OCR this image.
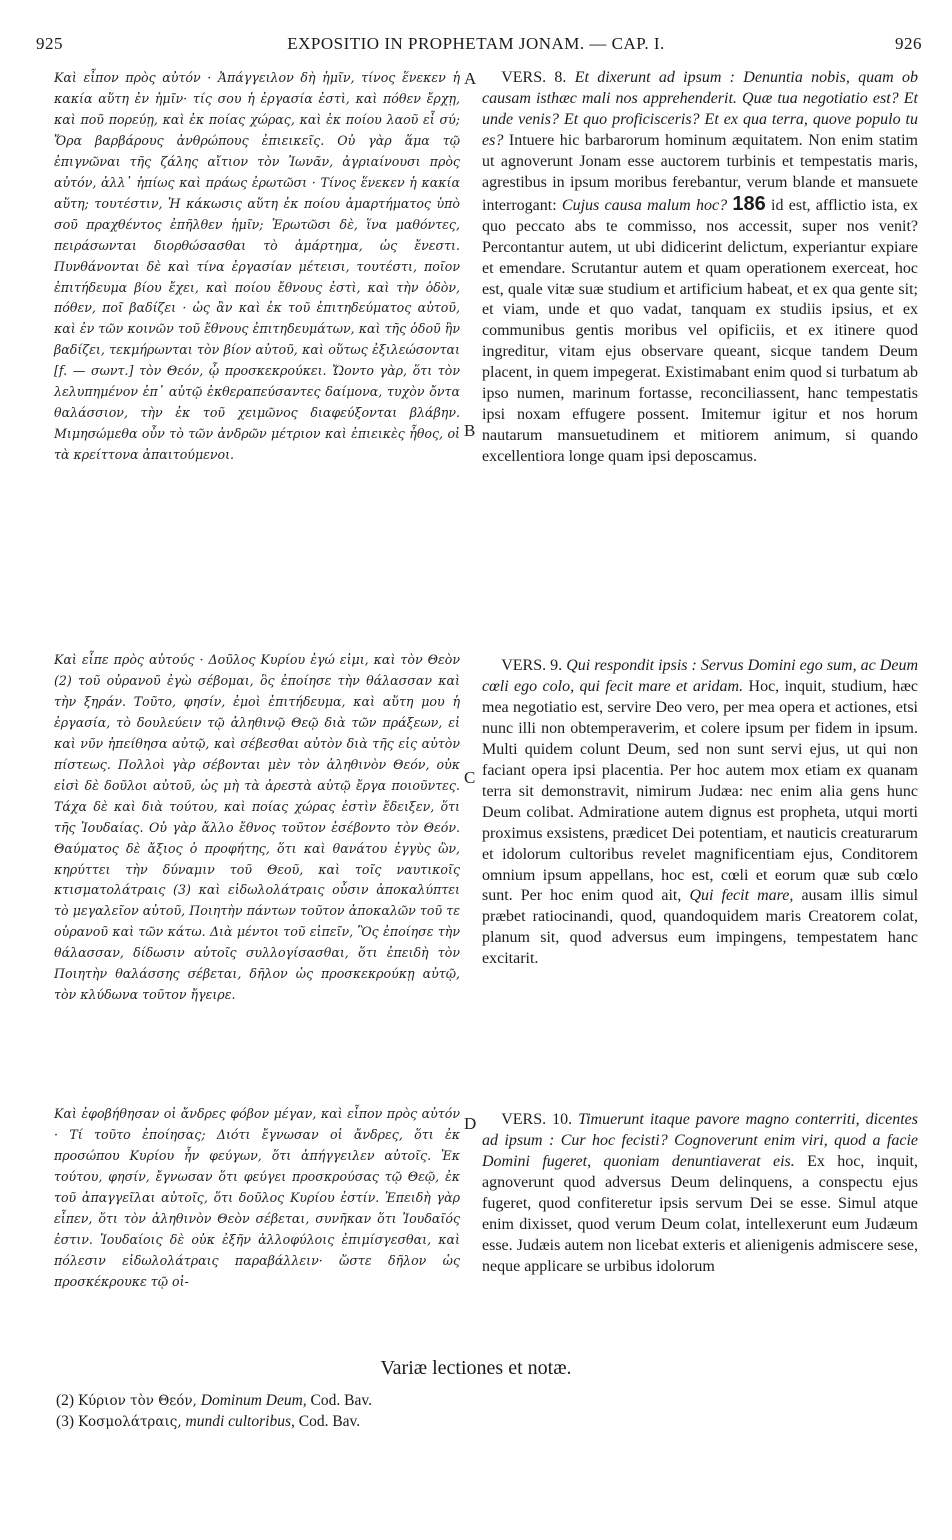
925	EXPOSITIO IN PROPHETAM JONAM. — CAP. I.	926

Καὶ εἶπον πρὸς αὐτόν · Ἀπάγγειλον δὴ ἡμῖν, τίνος ἕνεκεν ἡ κακία αὕτη ἐν ἡμῖν· τίς σου ἡ ἐργασία ἐστὶ, καὶ πόθεν ἔρχῃ, καὶ ποῦ πορεύῃ, καὶ ἐκ ποίας χώρας, καὶ ἐκ ποίου λαοῦ εἶ σύ; Ὅρα βαρβάρους ἀνθρώπους ἐπιεικεῖς. Οὐ γὰρ ἅμα τῷ ἐπιγνῶναι τῆς ζάλης αἴτιον τὸν Ἰωνᾶν, ἀγριαίνουσι πρὸς αὐτόν, ἀλλ᾽ ἠπίως καὶ πράως ἐρωτῶσι · Τίνος ἕνεκεν ἡ κακία αὕτη; τουτέστιν, Ἡ κάκωσις αὕτη ἐκ ποίου ἁμαρτήματος ὑπὸ σοῦ πραχθέντος ἐπῆλθεν ἡμῖν; Ἐρωτῶσι δὲ, ἵνα μαθόντες, πειράσωνται διορθώσασθαι τὸ ἁμάρτημα, ὡς ἔνεστι. Πυνθάνονται δὲ καὶ τίνα ἐργασίαν μέτεισι, τουτέστι, ποῖον ἐπιτήδευμα βίου ἔχει, καὶ ποίου ἔθνους ἐστὶ, καὶ τὴν ὁδὸν, πόθεν, ποῖ βαδίζει · ὡς ἂν καὶ ἐκ τοῦ ἐπιτηδεύματος αὐτοῦ, καὶ ἐν τῶν κοινῶν τοῦ ἔθνους ἐπιτηδευμάτων, καὶ τῆς ὁδοῦ ἣν βαδίζει, τεκμήρωνται τὸν βίον αὐτοῦ, καὶ οὕτως ἐξιλεώσονται [f. — σωντ.] τὸν Θεόν, ᾧ προσκεκρούκει. Ὤοντο γὰρ, ὅτι τὸν λελυπημένον ἐπ᾽ αὐτῷ ἐκθεραπεύσαντες δαίμονα, τυχὸν ὄντα θαλάσσιον, τὴν ἐκ τοῦ χειμῶνος διαφεύξονται βλάβην. Μιμησώμεθα οὖν τὸ τῶν ἀνδρῶν μέτριον καὶ ἐπιεικὲς ἦθος, οἱ τὰ κρείττονα ἀπαιτούμενοι.

Καὶ εἶπε πρὸς αὐτούς · Δοῦλος Κυρίου ἐγώ εἰμι, καὶ τὸν Θεὸν (2) τοῦ οὐρανοῦ ἐγὼ σέβομαι, ὃς ἐποίησε τὴν θάλασσαν καὶ τὴν ξηράν. Τοῦτο, φησίν, ἐμοὶ ἐπιτήδευμα, καὶ αὕτη μου ἡ ἐργασία, τὸ δουλεύειν τῷ ἀληθινῷ Θεῷ διὰ τῶν πράξεων, εἰ καὶ νῦν ἠπείθησα αὐτῷ, καὶ σέβεσθαι αὐτὸν διὰ τῆς εἰς αὐτὸν πίστεως. Πολλοὶ γὰρ σέβονται μὲν τὸν ἀληθινὸν Θεόν, οὐκ εἰσὶ δὲ δοῦλοι αὐτοῦ, ὡς μὴ τὰ ἀρεστὰ αὐτῷ ἔργα ποιοῦντες. Τάχα δὲ καὶ διὰ τούτου, καὶ ποίας χώρας ἐστὶν ἔδειξεν, ὅτι τῆς Ἰουδαίας. Οὐ γὰρ ἄλλο ἔθνος τοῦτον ἐσέβοντο τὸν Θεόν. Θαύματος δὲ ἄξιος ὁ προφήτης, ὅτι καὶ θανάτου ἐγγὺς ὢν, κηρύττει τὴν δύναμιν τοῦ Θεοῦ, καὶ τοῖς ναυτικοῖς κτισματολάτραις (3) καὶ εἰδωλολάτραις οὖσιν ἀποκαλύπτει τὸ μεγαλεῖον αὐτοῦ, Ποιητὴν πάντων τοῦτον ἀποκαλῶν τοῦ τε οὐρανοῦ καὶ τῶν κάτω. Διὰ μέντοι τοῦ εἰπεῖν, Ὃς ἐποίησε τὴν θάλασσαν, δίδωσιν αὐτοῖς συλλογίσασθαι, ὅτι ἐπειδὴ τὸν Ποιητὴν θαλάσσης σέβεται, δῆλον ὡς προσκεκρούκῃ αὐτῷ, τὸν κλύδωνα τοῦτον ἤγειρε.

Καὶ ἐφοβήθησαν οἱ ἄνδρες φόβον μέγαν, καὶ εἶπον πρὸς αὐτόν · Τί τοῦτο ἐποίησας; Διότι ἔγνωσαν οἱ ἄνδρες, ὅτι ἐκ προσώπου Κυρίου ἦν φεύγων, ὅτι ἀπήγγειλεν αὐτοῖς. Ἐκ τούτου, φησίν, ἔγνωσαν ὅτι φεύγει προσκρούσας τῷ Θεῷ, ἐκ τοῦ ἀπαγγεῖλαι αὐτοῖς, ὅτι δοῦλος Κυρίου ἐστίν. Ἐπειδὴ γὰρ εἶπεν, ὅτι τὸν ἀληθινὸν Θεὸν σέβεται, συνῆκαν ὅτι Ἰουδαῖός ἐστιν. Ἰουδαίοις δὲ οὐκ ἐξῆν ἀλλοφύλοις ἐπιμίσγεσθαι, καὶ πόλεσιν εἰδωλολάτραις παραβάλλειν· ὥστε δῆλον ὡς προσκέκρουκε τῷ οἱ-

A
B
C
D

VERS. 8. Et dixerunt ad ipsum : Denuntia nobis, quam ob causam isthæc mali nos apprehenderit. Quæ tua negotiatio est? Et unde venis? Et quo proficisceris? Et ex qua terra, quove populo tu es? Intuere hic barbarorum hominum æquitatem. Non enim statim ut agnoverunt Jonam esse auctorem turbinis et tempestatis maris, agrestibus in ipsum moribus ferebantur, verum blande et mansuete interrogant: Cujus causa malum hoc? 186 id est, afflictio ista, ex quo peccato abs te commisso, nos accessit, super nos venit? Percontantur autem, ut ubi didicerint delictum, experiantur expiare et emendare. Scrutantur autem et quam operationem exerceat, hoc est, quale vitæ suæ studium et artificium habeat, et ex qua gente sit; et viam, unde et quo vadat, tanquam ex studiis ipsius, et ex communibus gentis moribus vel opificiis, et ex itinere quod ingreditur, vitam ejus observare queant, sicque tandem Deum placent, in quem impegerat. Existimabant enim quod si turbatum ab ipso numen, marinum fortasse, reconciliassent, hanc tempestatis ipsi noxam effugere possent. Imitemur igitur et nos horum nautarum mansuetudinem et mitiorem animum, si quando excellentiora longe quam ipsi deposcamus.

VERS. 9. Qui respondit ipsis : Servus Domini ego sum, ac Deum cœli ego colo, qui fecit mare et aridam. Hoc, inquit, studium, hæc mea negotiatio est, servire Deo vero, per mea opera et actiones, etsi nunc illi non obtemperaverim, et colere ipsum per fidem in ipsum. Multi quidem colunt Deum, sed non sunt servi ejus, ut qui non faciant opera ipsi placentia. Per hoc autem mox etiam ex quanam terra sit demonstravit, nimirum Judæa: nec enim alia gens hunc Deum colibat. Admiratione autem dignus est propheta, utqui morti proximus exsistens, prædicet Dei potentiam, et nauticis creaturarum et idolorum cultoribus revelet magnificentiam ejus, Conditorem omnium ipsum appellans, hoc est, cœli et eorum quæ sub cœlo sunt. Per hoc enim quod ait, Qui fecit mare, ausam illis simul præbet ratiocinandi, quod, quandoquidem maris Creatorem colat, planum sit, quod adversus eum impingens, tempestatem hanc excitarit.

VERS. 10. Timuerunt itaque pavore magno conterriti, dicentes ad ipsum : Cur hoc fecisti? Cognoverunt enim viri, quod a facie Domini fugeret, quoniam denuntiaverat eis. Ex hoc, inquit, agnoverunt quod adversus Deum delinquens, a conspectu ejus fugeret, quod confiteretur ipsis servum Dei se esse. Simul atque enim dixisset, quod verum Deum colat, intellexerunt eum Judæum esse. Judæis autem non licebat exteris et alienigenis admiscere sese, neque applicare se urbibus idolorum

Variæ lectiones et notæ.
(2) Κύριον τὸν Θεόν, Dominum Deum, Cod. Bav.
(3) Κοσμολάτραις, mundi cultoribus, Cod. Bav.
